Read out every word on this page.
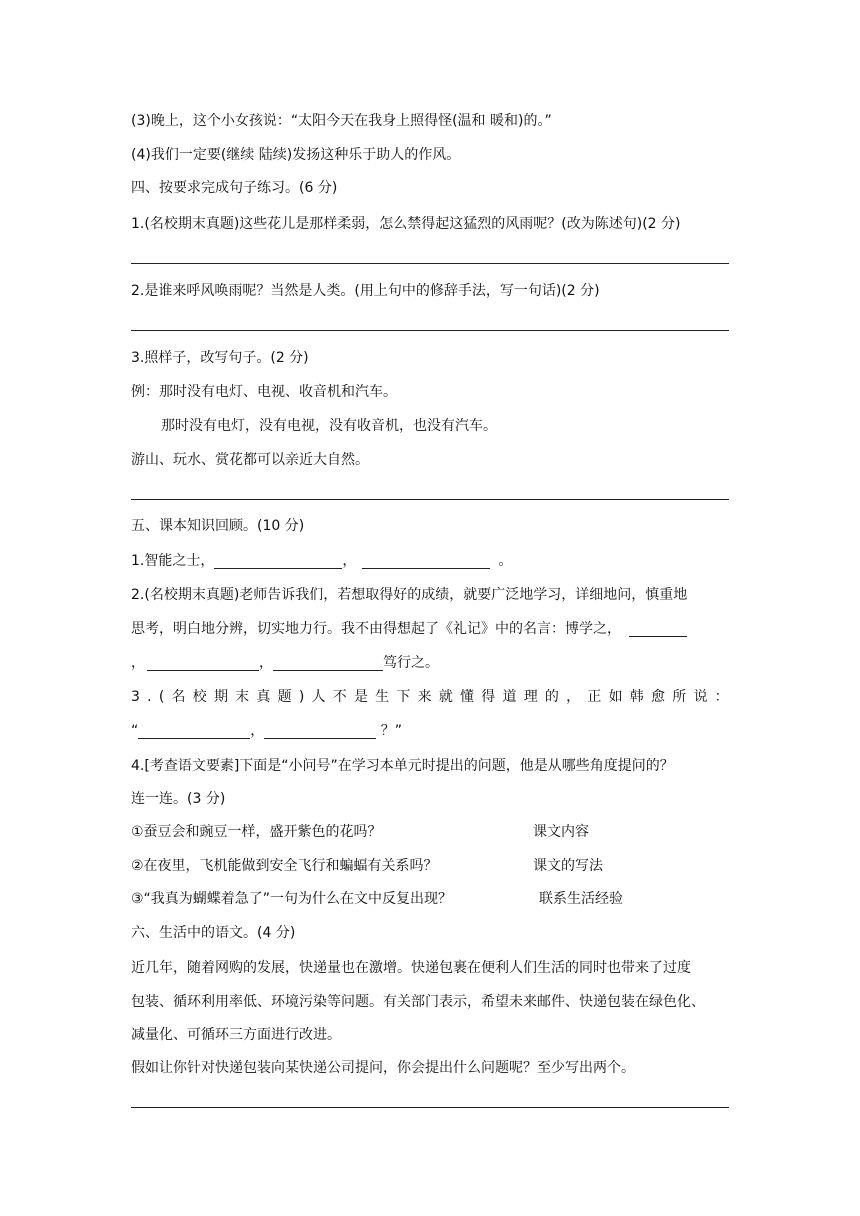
(3)晚上，这个小女孩说：“太阳今天在我身上照得怪(温和 暖和)的。”
(4)我们一定要(继续 陆续)发扬这种乐于助人的作风。
四、按要求完成句子练习。(6 分)
1.(名校期末真题)这些花儿是那样柔弱，怎么禁得起这猛烈的风雨呢？(改为陈述句)(2 分)
2.是谁来呼风唤雨呢？当然是人类。(用上句中的修辞手法，写一句话)(2 分)
3.照样子，改写句子。(2 分)
例：那时没有电灯、电视、收音机和汽车。
那时没有电灯，没有电视，没有收音机，也没有汽车。
游山、玩水、赏花都可以亲近大自然。
五、课本知识回顾。(10 分)
1.智能之士，	，	。
2.(名校期末真题)老师告诉我们，若想取得好的成绩，就要广泛地学习，详细地问，慎重地
思考，明白地分辨，切实地力行。我不由得想起了《礼记》中的名言：博学之，
，	，	笃行之。
3 . ( 名 校 期 末 真 题 ) 人 不 是 生 下 来 就 懂 得 道 理 的 ， 正 如 韩 愈 所 说 ：
“	，	？”
4.[考查语文要素]下面是“小问号”在学习本单元时提出的问题，他是从哪些角度提问的？
连一连。(3 分)
①蚕豆会和豌豆一样，盛开紫色的花吗？	课文内容
②在夜里，飞机能做到安全飞行和蝙蝠有关系吗？	课文的写法
③“我真为蝴蝶着急了”一句为什么在文中反复出现？	联系生活经验
六、生活中的语文。(4 分)
近几年，随着网购的发展，快递量也在激增。快递包裹在便利人们生活的同时也带来了过度
包装、循环利用率低、环境污染等问题。有关部门表示，希望未来邮件、快递包装在绿色化、
减量化、可循环三方面进行改进。
假如让你针对快递包装向某快递公司提问，你会提出什么问题呢？至少写出两个。
